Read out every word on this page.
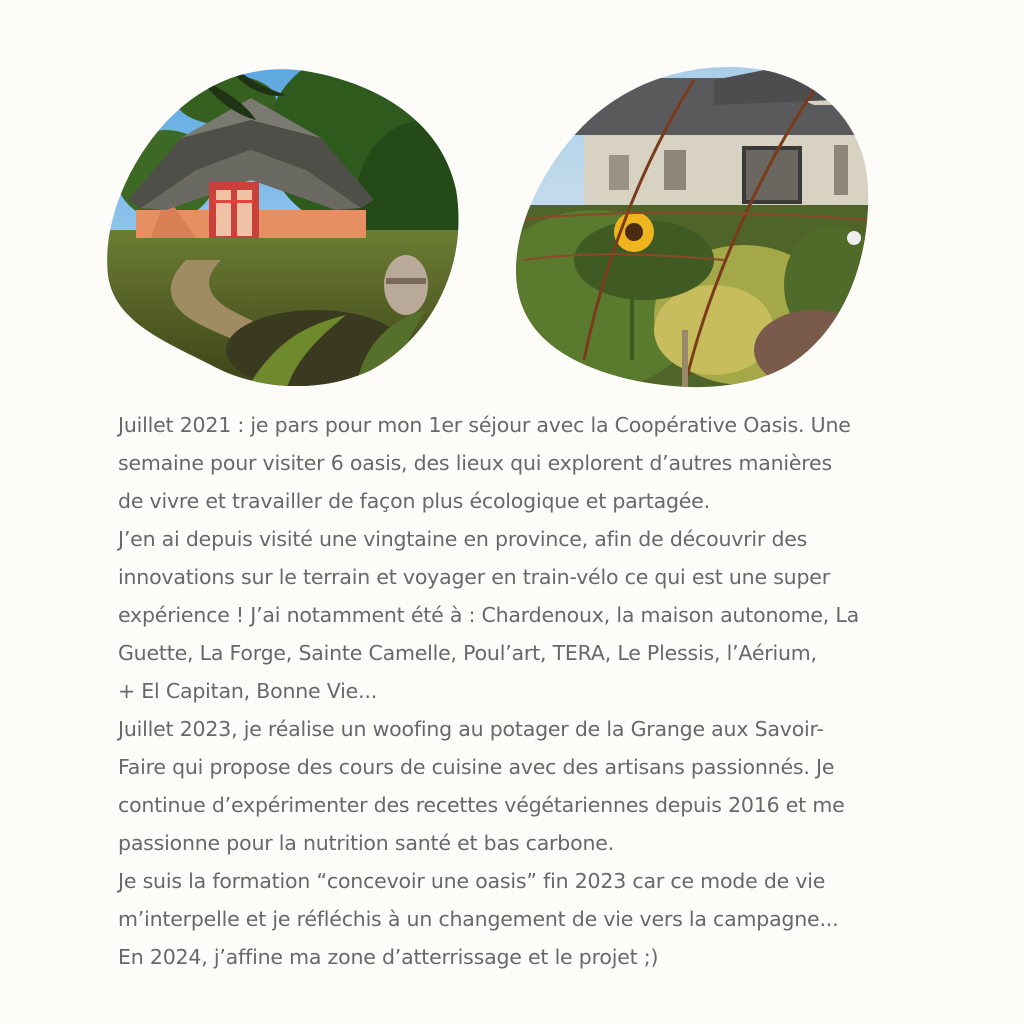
Juillet 2021 : je pars pour mon 1er séjour avec la Coopérative Oasis. Une

semaine pour visiter 6 oasis, des lieux qui explorent d’autres manières

de vivre et travailler de façon plus écologique et partagée.

J’en ai depuis visité une vingtaine en province, afin de découvrir des

innovations sur le terrain et voyager en train-vélo ce qui est une super

expérience ! J’ai notamment été à : Chardenoux, la maison autonome, La

Guette, La Forge, Sainte Camelle, Poul’art, TERA, Le Plessis, l’Aérium,

+ El Capitan, Bonne Vie...

Juillet 2023, je réalise un woofing au potager de la Grange aux Savoir-

Faire qui propose des cours de cuisine avec des artisans passionnés. Je

continue d’expérimenter des recettes végétariennes depuis 2016 et me

passionne pour la nutrition santé et bas carbone.

Je suis la formation “concevoir une oasis” fin 2023 car ce mode de vie

m’interpelle et je réfléchis à un changement de vie vers la campagne...

En 2024, j’affine ma zone d’atterrissage et le projet ;)
